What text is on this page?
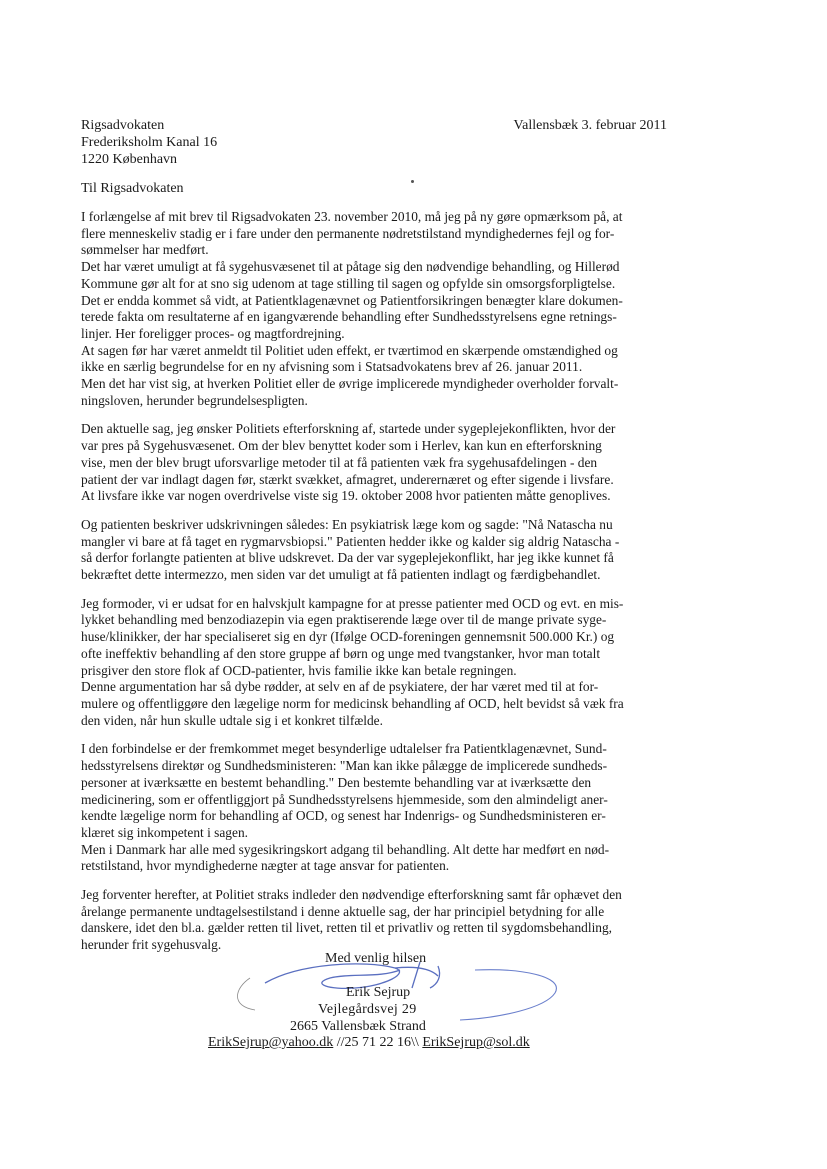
Rigsadvokaten
Frederiksholm Kanal 16
1220 København
Vallensbæk 3. februar 2011
Til Rigsadvokaten

I forlængelse af mit brev til Rigsadvokaten 23. november 2010, må jeg på ny gøre opmærksom på, at
flere menneskeliv stadig er i fare under den permanente nødretstilstand myndighedernes fejl og for-
sømmelser har medført.
Det har været umuligt at få sygehusvæsenet til at påtage sig den nødvendige behandling, og Hillerød
Kommune gør alt for at sno sig udenom at tage stilling til sagen og opfylde sin omsorgsforpligtelse.
Det er endda kommet så vidt, at Patientklagenævnet og Patientforsikringen benægter klare dokumen-
terede fakta om resultaterne af en igangværende behandling efter Sundhedsstyrelsens egne retnings-
linjer. Her foreligger proces- og magtfordrejning.
At sagen før har været anmeldt til Politiet uden effekt, er tværtimod en skærpende omstændighed og
ikke en særlig begrundelse for en ny afvisning som i Statsadvokatens brev af 26. januar 2011.
Men det har vist sig, at hverken Politiet eller de øvrige implicerede myndigheder overholder forvalt-
ningsloven, herunder begrundelsespligten.

Den aktuelle sag, jeg ønsker Politiets efterforskning af, startede under sygeplejekonflikten, hvor der
var pres på Sygehusvæsenet. Om der blev benyttet koder som i Herlev, kan kun en efterforskning
vise, men der blev brugt uforsvarlige metoder til at få patienten væk fra sygehusafdelingen - den
patient der var indlagt dagen før, stærkt svækket, afmagret, underernæret og efter sigende i livsfare.
At livsfare ikke var nogen overdrivelse viste sig 19. oktober 2008 hvor patienten måtte genoplives.

Og patienten beskriver udskrivningen således: En psykiatrisk læge kom og sagde: "Nå Natascha nu
mangler vi bare at få taget en rygmarvsbiopsi." Patienten hedder ikke og kalder sig aldrig Natascha -
så derfor forlangte patienten at blive udskrevet. Da der var sygeplejekonflikt, har jeg ikke kunnet få
bekræftet dette intermezzo, men siden var det umuligt at få patienten indlagt og færdigbehandlet.

Jeg formoder, vi er udsat for en halvskjult kampagne for at presse patienter med OCD og evt. en mis-
lykket behandling med benzodiazepin via egen praktiserende læge over til de mange private syge-
huse/klinikker, der har specialiseret sig en dyr (Ifølge OCD-foreningen gennemsnit 500.000 Kr.) og
ofte ineffektiv behandling af den store gruppe af børn og unge med tvangstanker, hvor man totalt
prisgiver den store flok af OCD-patienter, hvis familie ikke kan betale regningen.
Denne argumentation har så dybe rødder, at selv en af de psykiatere, der har været med til at for-
mulere og offentliggøre den lægelige norm for medicinsk behandling af OCD, helt bevidst så væk fra
den viden, når hun skulle udtale sig i et konkret tilfælde.

I den forbindelse er der fremkommet meget besynderlige udtalelser fra Patientklagenævnet, Sund-
hedsstyrelsens direktør og Sundhedsministeren: "Man kan ikke pålægge de implicerede sundheds-
personer at iværksætte en bestemt behandling." Den bestemte behandling var at iværksætte den
medicinering, som er offentliggjort på Sundhedsstyrelsens hjemmeside, som den almindeligt aner-
kendte lægelige norm for behandling af OCD, og senest har Indenrigs- og Sundhedsministeren er-
klæret sig inkompetent i sagen.
Men i Danmark har alle med sygesikringskort adgang til behandling. Alt dette har medført en nød-
retstilstand, hvor myndighederne nægter at tage ansvar for patienten.

Jeg forventer herefter, at Politiet straks indleder den nødvendige efterforskning samt får ophævet den
årelange permanente undtagelsestilstand i denne aktuelle sag, der har principiel betydning for alle
danskere, idet den bl.a. gælder retten til livet, retten til et privatliv og retten til sygdomsbehandling,
herunder frit sygehusvalg.

Med venlig hilsen
Erik Sejrup
Vejlegårdsvej 29
2665 Vallensbæk Strand
ErikSejrup@yahoo.dk //25 71 22 16\\ ErikSejrup@sol.dk
